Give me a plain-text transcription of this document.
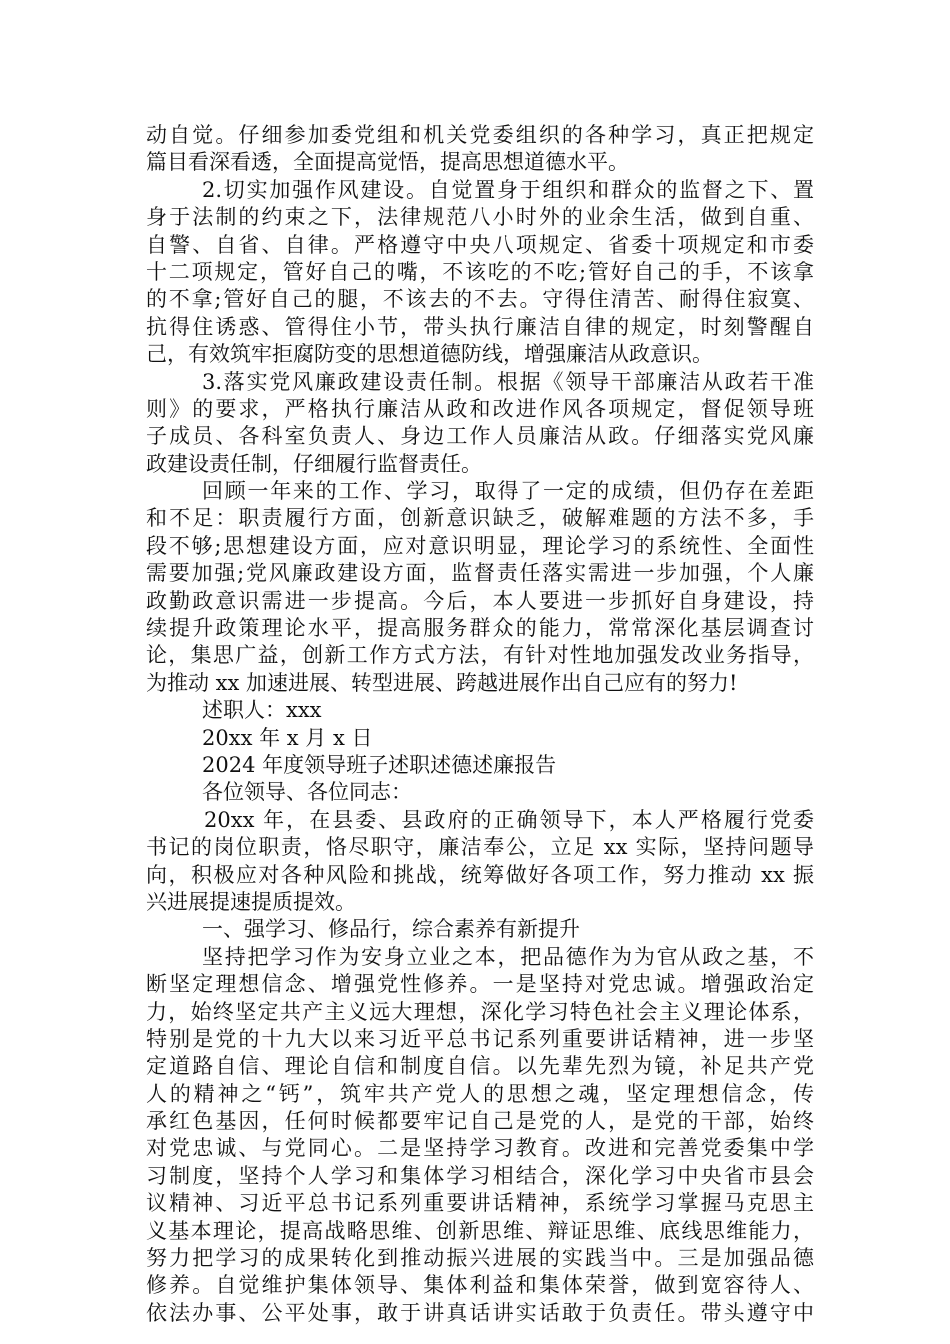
动自觉。仔细参加委党组和机关党委组织的各种学习，真正把规定
篇目看深看透，全面提高觉悟，提高思想道德水平。
2.切实加强作风建设。自觉置身于组织和群众的监督之下、置
身于法制的约束之下，法律规范八小时外的业余生活，做到自重、
自警、自省、自律。严格遵守中央八项规定、省委十项规定和市委
十二项规定，管好自己的嘴，不该吃的不吃;管好自己的手，不该拿
的不拿;管好自己的腿，不该去的不去。守得住清苦、耐得住寂寞、
抗得住诱惑、管得住小节，带头执行廉洁自律的规定，时刻警醒自
己，有效筑牢拒腐防变的思想道德防线，增强廉洁从政意识。
3.落实党风廉政建设责任制。根据《领导干部廉洁从政若干准
则》的要求，严格执行廉洁从政和改进作风各项规定，督促领导班
子成员、各科室负责人、身边工作人员廉洁从政。仔细落实党风廉
政建设责任制，仔细履行监督责任。
回顾一年来的工作、学习，取得了一定的成绩，但仍存在差距
和不足：职责履行方面，创新意识缺乏，破解难题的方法不多，手
段不够;思想建设方面，应对意识明显，理论学习的系统性、全面性
需要加强;党风廉政建设方面，监督责任落实需进一步加强，个人廉
政勤政意识需进一步提高。今后，本人要进一步抓好自身建设，持
续提升政策理论水平，提高服务群众的能力，常常深化基层调查讨
论，集思广益，创新工作方式方法，有针对性地加强发改业务指导，
为推动 xx 加速进展、转型进展、跨越进展作出自己应有的努力!
述职人：xxx
20xx 年 x 月 x 日
2024 年度领导班子述职述德述廉报告
各位领导、各位同志：
20xx 年，在县委、县政府的正确领导下，本人严格履行党委
书记的岗位职责，恪尽职守，廉洁奉公，立足 xx 实际，坚持问题导
向，积极应对各种风险和挑战，统筹做好各项工作，努力推动 xx 振
兴进展提速提质提效。
一、强学习、修品行，综合素养有新提升
坚持把学习作为安身立业之本，把品德作为为官从政之基，不
断坚定理想信念、增强党性修养。一是坚持对党忠诚。增强政治定
力，始终坚定共产主义远大理想，深化学习特色社会主义理论体系，
特别是党的十九大以来习近平总书记系列重要讲话精神，进一步坚
定道路自信、理论自信和制度自信。以先辈先烈为镜，补足共产党
人的精神之“钙”，筑牢共产党人的思想之魂，坚定理想信念，传
承红色基因，任何时候都要牢记自己是党的人，是党的干部，始终
对党忠诚、与党同心。二是坚持学习教育。改进和完善党委集中学
习制度，坚持个人学习和集体学习相结合，深化学习中央省市县会
议精神、习近平总书记系列重要讲话精神，系统学习掌握马克思主
义基本理论，提高战略思维、创新思维、辩证思维、底线思维能力，
努力把学习的成果转化到推动振兴进展的实践当中。三是加强品德
修养。自觉维护集体领导、集体利益和集体荣誉，做到宽容待人、
依法办事、公平处事，敢于讲真话讲实话敢于负责任。带头遵守中
